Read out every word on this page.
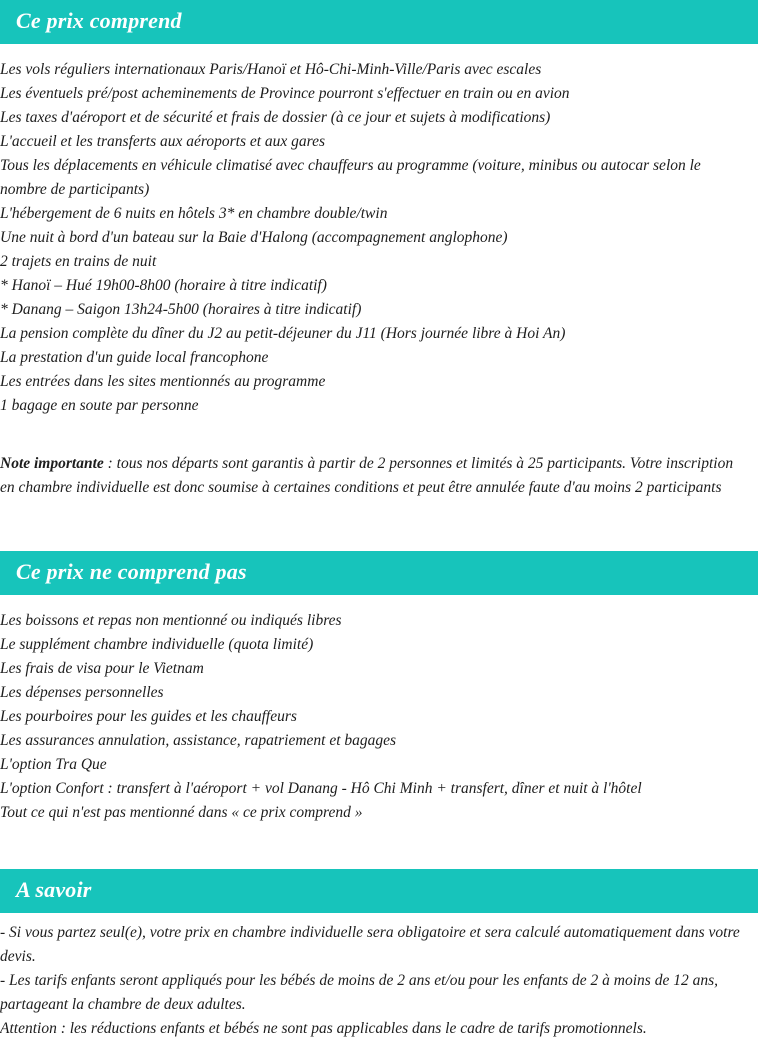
Ce prix comprend
Les vols réguliers internationaux Paris/Hanoï et Hô-Chi-Minh-Ville/Paris avec escales
Les éventuels pré/post acheminements de Province pourront s'effectuer en train ou en avion
Les taxes d'aéroport et de sécurité et frais de dossier (à ce jour et sujets à modifications)
L'accueil et les transferts aux aéroports et aux gares
Tous les déplacements en véhicule climatisé avec chauffeurs au programme (voiture, minibus ou autocar selon le nombre de participants)
L'hébergement de 6 nuits en hôtels 3* en chambre double/twin
Une nuit à bord d'un bateau sur la Baie d'Halong (accompagnement anglophone)
2 trajets en trains de nuit
* Hanoï – Hué 19h00-8h00 (horaire à titre indicatif)
* Danang – Saigon 13h24-5h00 (horaires à titre indicatif)
La pension complète du dîner du J2 au petit-déjeuner du J11 (Hors journée libre à Hoi An)
La prestation d'un guide local francophone
Les entrées dans les sites mentionnés au programme
1 bagage en soute par personne

Note importante : tous nos départs sont garantis à partir de 2 personnes et limités à 25 participants. Votre inscription en chambre individuelle est donc soumise à certaines conditions et peut être annulée faute d'au moins 2 participants

Ce prix ne comprend pas
Les boissons et repas non mentionné ou indiqués libres
Le supplément chambre individuelle (quota limité)
Les frais de visa pour le Vietnam
Les dépenses personnelles
Les pourboires pour les guides et les chauffeurs
Les assurances annulation, assistance, rapatriement et bagages
L'option Tra Que
L'option Confort : transfert à l'aéroport + vol Danang - Hô Chi Minh + transfert, dîner et nuit à l'hôtel
Tout ce qui n'est pas mentionné dans « ce prix comprend »
A savoir
- Si vous partez seul(e), votre prix en chambre individuelle sera obligatoire et sera calculé automatiquement dans votre devis.
- Les tarifs enfants seront appliqués pour les bébés de moins de 2 ans et/ou pour les enfants de 2 à moins de 12 ans, partageant la chambre de deux adultes.
Attention : les réductions enfants et bébés ne sont pas applicables dans le cadre de tarifs promotionnels.
